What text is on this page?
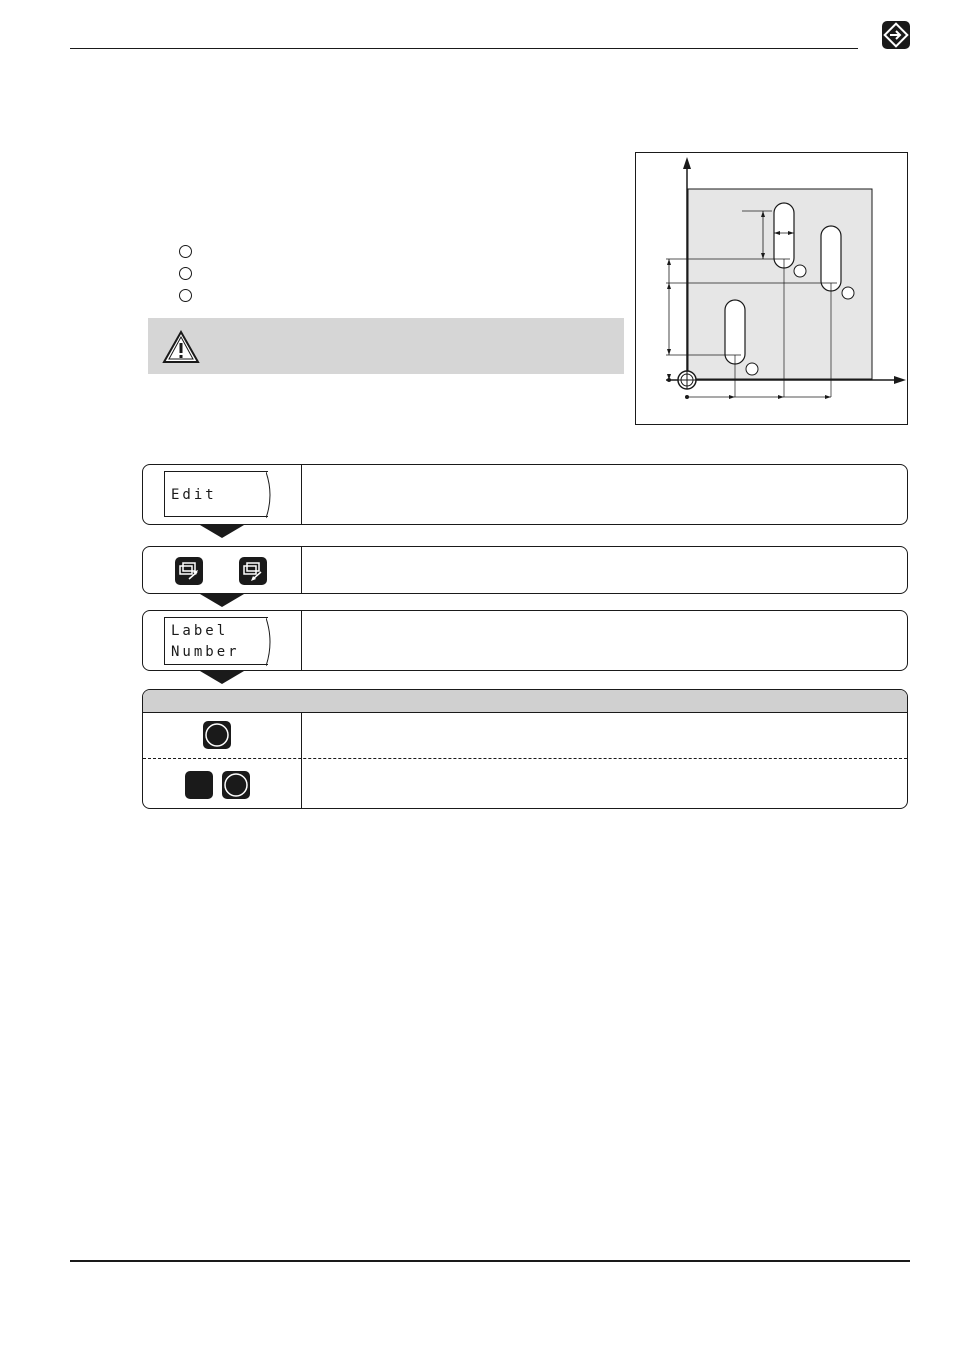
Edit
Label
Number
